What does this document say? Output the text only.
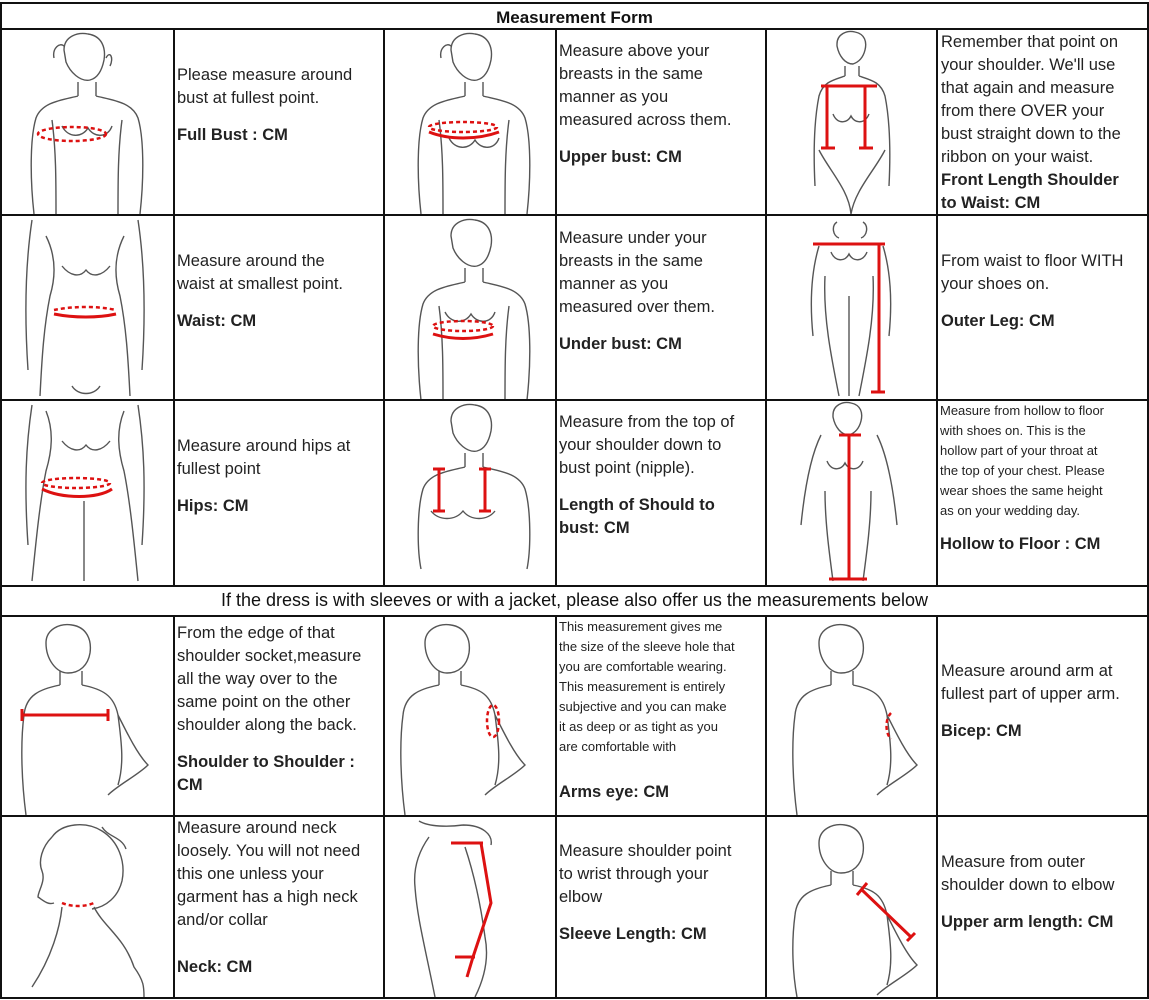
Measurement Form
If the dress is with sleeves or with a jacket, please also offer us the measurements below
Please measure around
bust at fullest point.
Full Bust : CM
Measure above your
breasts in the same
manner as you
measured across them.
Upper bust: CM
Remember that point on
your shoulder. We'll use
that again and measure
from there OVER your
bust straight down to the
ribbon on your waist.
Front Length Shoulder
to Waist: CM
Measure around the
waist at smallest point.
Waist: CM
Measure under your
breasts in the same
manner as you
measured over them.
Under bust: CM
From waist to floor WITH
your shoes on.
Outer Leg: CM
Measure around hips at
fullest point
Hips: CM
Measure from the top of
your shoulder down to
bust point (nipple).
Length of Should to
bust: CM
Measure from hollow to floor
with shoes on. This is the
hollow part of your throat at
the top of your chest. Please
wear shoes the same height
as on your wedding day.
Hollow to Floor : CM
From the edge of that
shoulder socket,measure
all the way over to the
same point on the other
shoulder along the back.
Shoulder to Shoulder :
CM
This measurement gives me
the size of the sleeve hole that
you are comfortable wearing.
This measurement is entirely
subjective and you can make
it as deep or as tight as you
are comfortable with
Arms eye: CM
Measure around arm at
fullest part of upper arm.
Bicep: CM
Measure around neck
loosely. You will not need
this one unless your
garment has a high neck
and/or collar
Neck: CM
Measure shoulder point
to wrist through your
elbow
Sleeve Length: CM
Measure from outer
shoulder down to elbow
Upper arm length: CM
